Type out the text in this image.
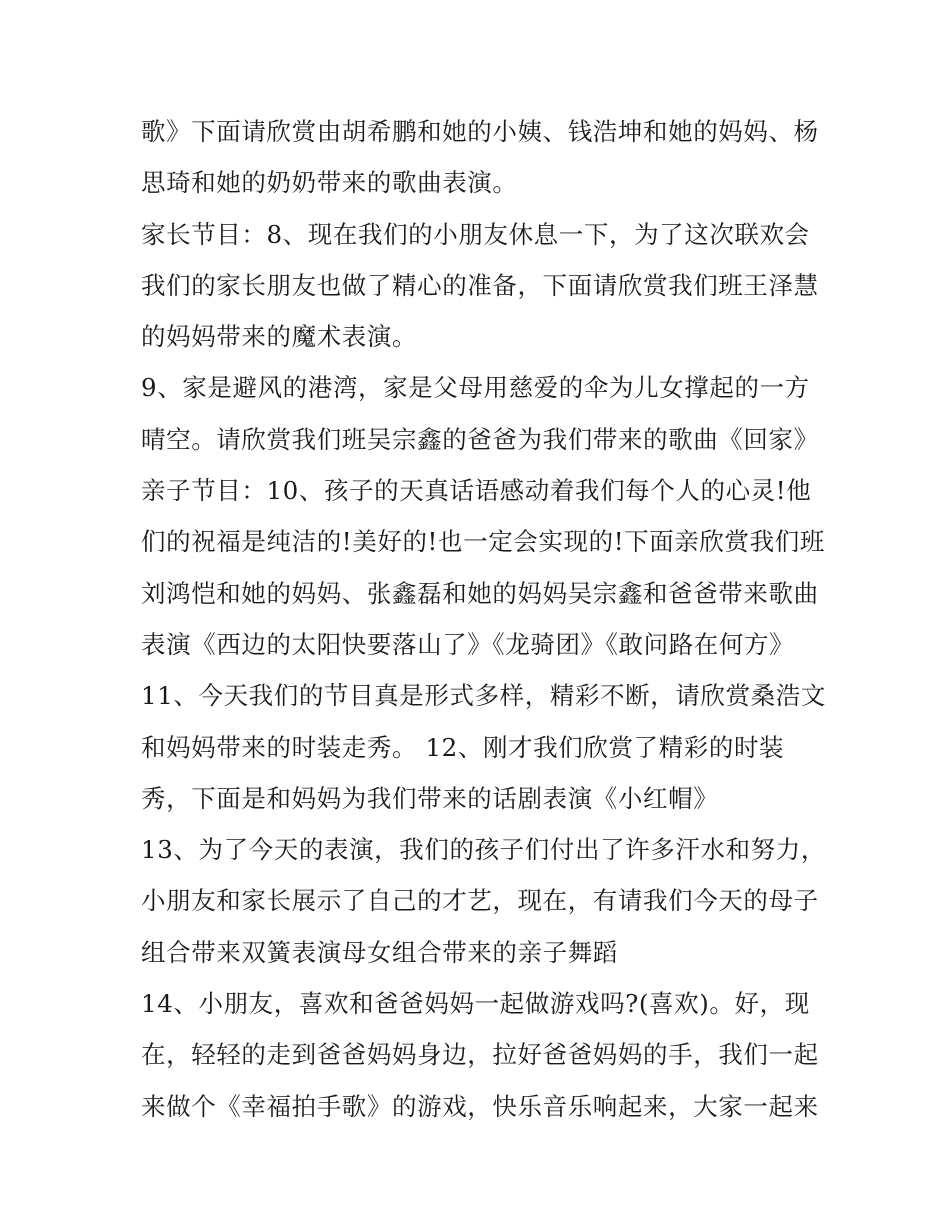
歌》下面请欣赏由胡希鹏和她的小姨、钱浩坤和她的妈妈、杨
思琦和她的奶奶带来的歌曲表演。
家长节目：8、现在我们的小朋友休息一下，为了这次联欢会
我们的家长朋友也做了精心的准备，下面请欣赏我们班王泽慧
的妈妈带来的魔术表演。
9、家是避风的港湾，家是父母用慈爱的伞为儿女撑起的一方
晴空。请欣赏我们班吴宗鑫的爸爸为我们带来的歌曲《回家》
亲子节目：10、孩子的天真话语感动着我们每个人的心灵!他
们的祝福是纯洁的!美好的!也一定会实现的!下面亲欣赏我们班
刘鸿恺和她的妈妈、张鑫磊和她的妈妈吴宗鑫和爸爸带来歌曲
表演《西边的太阳快要落山了》《龙骑团》《敢问路在何方》
11、今天我们的节目真是形式多样，精彩不断，请欣赏桑浩文
和妈妈带来的时装走秀。 12、刚才我们欣赏了精彩的时装
秀，下面是和妈妈为我们带来的话剧表演《小红帽》
13、为了今天的表演，我们的孩子们付出了许多汗水和努力，
小朋友和家长展示了自己的才艺，现在，有请我们今天的母子
组合带来双簧表演母女组合带来的亲子舞蹈
14、小朋友，喜欢和爸爸妈妈一起做游戏吗?(喜欢)。好，现
在，轻轻的走到爸爸妈妈身边，拉好爸爸妈妈的手，我们一起
来做个《幸福拍手歌》的游戏，快乐音乐响起来，大家一起来
